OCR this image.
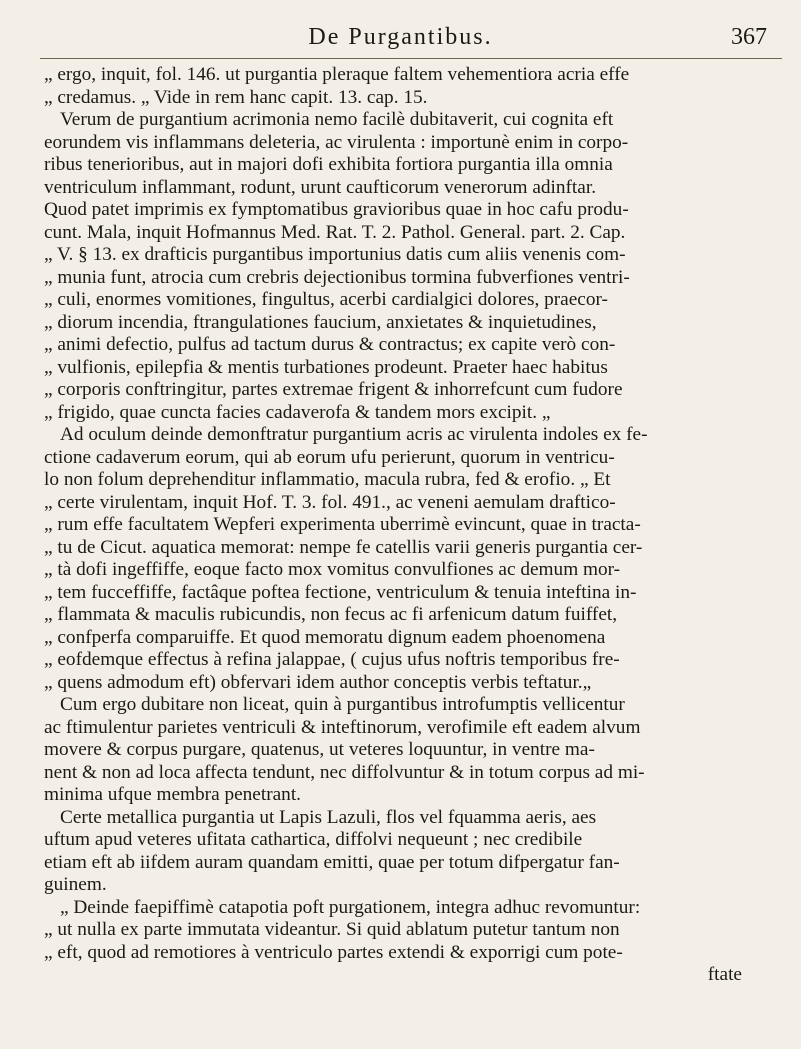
De Purgantibus.	367
„ ergo, inquit, fol. 146. ut purgantia pleraque faltem vehementiora acria effe
„ credamus. „ Vide in rem hanc capit. 13. cap. 15.
Verum de purgantium acrimonia nemo facilè dubitaverit, cui cognita eft
eorundem vis inflammans deleteria, ac virulenta : importunè enim in corpo-
ribus tenerioribus, aut in majori dofi exhibita fortiora purgantia illa omnia
ventriculum inflammant, rodunt, urunt caufticorum venerorum adinftar.
Quod patet imprimis ex fymptomatibus gravioribus quae in hoc cafu produ-
cunt. Mala, inquit Hofmannus Med. Rat. T. 2. Pathol. General. part. 2. Cap.
„ V. § 13. ex drafticis purgantibus importunius datis cum aliis venenis com-
„ munia funt, atrocia cum crebris dejectionibus tormina fubverfiones ventri-
„ culi, enormes vomitiones, fingultus, acerbi cardialgici dolores, praecor-
„ diorum incendia, ftrangulationes faucium, anxietates & inquietudines,
„ animi defectio, pulfus ad tactum durus & contractus; ex capite verò con-
„ vulfionis, epilepfia & mentis turbationes prodeunt. Praeter haec habitus
„ corporis conftringitur, partes extremae frigent & inhorrefcunt cum fudore
„ frigido, quae cuncta facies cadaverofa & tandem mors excipit. „
Ad oculum deinde demonftratur purgantium acris ac virulenta indoles ex fe-
ctione cadaverum eorum, qui ab eorum ufu perierunt, quorum in ventricu-
lo non folum deprehenditur inflammatio, macula rubra, fed & erofio. „ Et
„ certe virulentam, inquit Hof. T. 3. fol. 491., ac veneni aemulam draftico-
„ rum effe facultatem Wepferi experimenta uberrimè evincunt, quae in tracta-
„ tu de Cicut. aquatica memorat: nempe fe catellis varii generis purgantia cer-
„ tà dofi ingeffiffe, eoque facto mox vomitus convulfiones ac demum mor-
„ tem fucceffiffe, factâque poftea fectione, ventriculum & tenuia inteftina in-
„ flammata & maculis rubicundis, non fecus ac fi arfenicum datum fuiffet,
„ confperfa comparuiffe. Et quod memoratu dignum eadem phoenomena
„ eofdemque effectus à refina jalappae, ( cujus ufus noftris temporibus fre-
„ quens admodum eft) obfervari idem author conceptis verbis teftatur.„
Cum ergo dubitare non liceat, quin à purgantibus introfumptis vellicentur
ac ftimulentur parietes ventriculi & inteftinorum, verofimile eft eadem alvum
movere & corpus purgare, quatenus, ut veteres loquuntur, in ventre ma-
nent & non ad loca affecta tendunt, nec diffolvuntur & in totum corpus ad mi-
minima ufque membra penetrant.
Certe metallica purgantia ut Lapis Lazuli, flos vel fquamma aeris, aes
uftum apud veteres ufitata cathartica, diffolvi nequeunt ; nec credibile
etiam eft ab iifdem auram quandam emitti, quae per totum difpergatur fan-
guinem.
„ Deinde faepiffimè catapotia poft purgationem, integra adhuc revomuntur:
„ ut nulla ex parte immutata videantur. Si quid ablatum putetur tantum non
„ eft, quod ad remotiores à ventriculo partes extendi & exporrigi cum pote-
ftate
